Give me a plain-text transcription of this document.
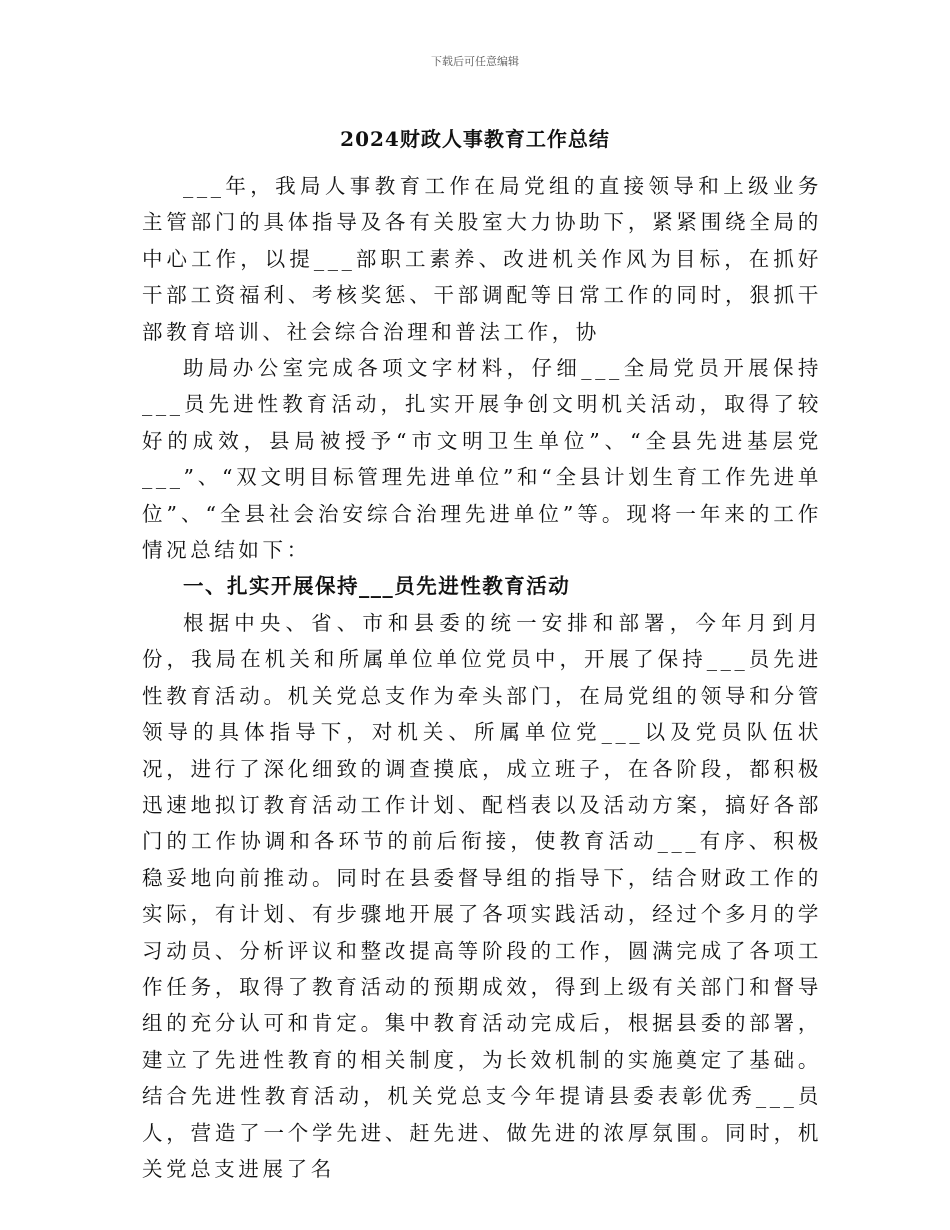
下载后可任意编辑
2024财政人事教育工作总结

___年，我局人事教育工作在局党组的直接领导和上级业务主管部门的具体指导及各有关股室大力协助下，紧紧围绕全局的中心工作，以提___部职工素养、改进机关作风为目标，在抓好干部工资福利、考核奖惩、干部调配等日常工作的同时，狠抓干部教育培训、社会综合治理和普法工作，协

助局办公室完成各项文字材料，仔细___全局党员开展保持___员先进性教育活动，扎实开展争创文明机关活动，取得了较好的成效，县局被授予“市文明卫生单位”、“全县先进基层党___”、“双文明目标管理先进单位”和“全县计划生育工作先进单位”、“全县社会治安综合治理先进单位”等。现将一年来的工作情况总结如下：

一、扎实开展保持___员先进性教育活动

根据中央、省、市和县委的统一安排和部署，今年月到月份，我局在机关和所属单位单位党员中，开展了保持___员先进性教育活动。机关党总支作为牵头部门，在局党组的领导和分管领导的具体指导下，对机关、所属单位党___以及党员队伍状况，进行了深化细致的调查摸底，成立班子，在各阶段，都积极迅速地拟订教育活动工作计划、配档表以及活动方案，搞好各部门的工作协调和各环节的前后衔接，使教育活动___有序、积极稳妥地向前推动。同时在县委督导组的指导下，结合财政工作的实际，有计划、有步骤地开展了各项实践活动，经过个多月的学习动员、分析评议和整改提高等阶段的工作，圆满完成了各项工作任务，取得了教育活动的预期成效，得到上级有关部门和督导组的充分认可和肯定。集中教育活动完成后，根据县委的部署，建立了先进性教育的相关制度，为长效机制的实施奠定了基础。结合先进性教育活动，机关党总支今年提请县委表彰优秀___员人，营造了一个学先进、赶先进、做先进的浓厚氛围。同时，机关党总支进展了名
